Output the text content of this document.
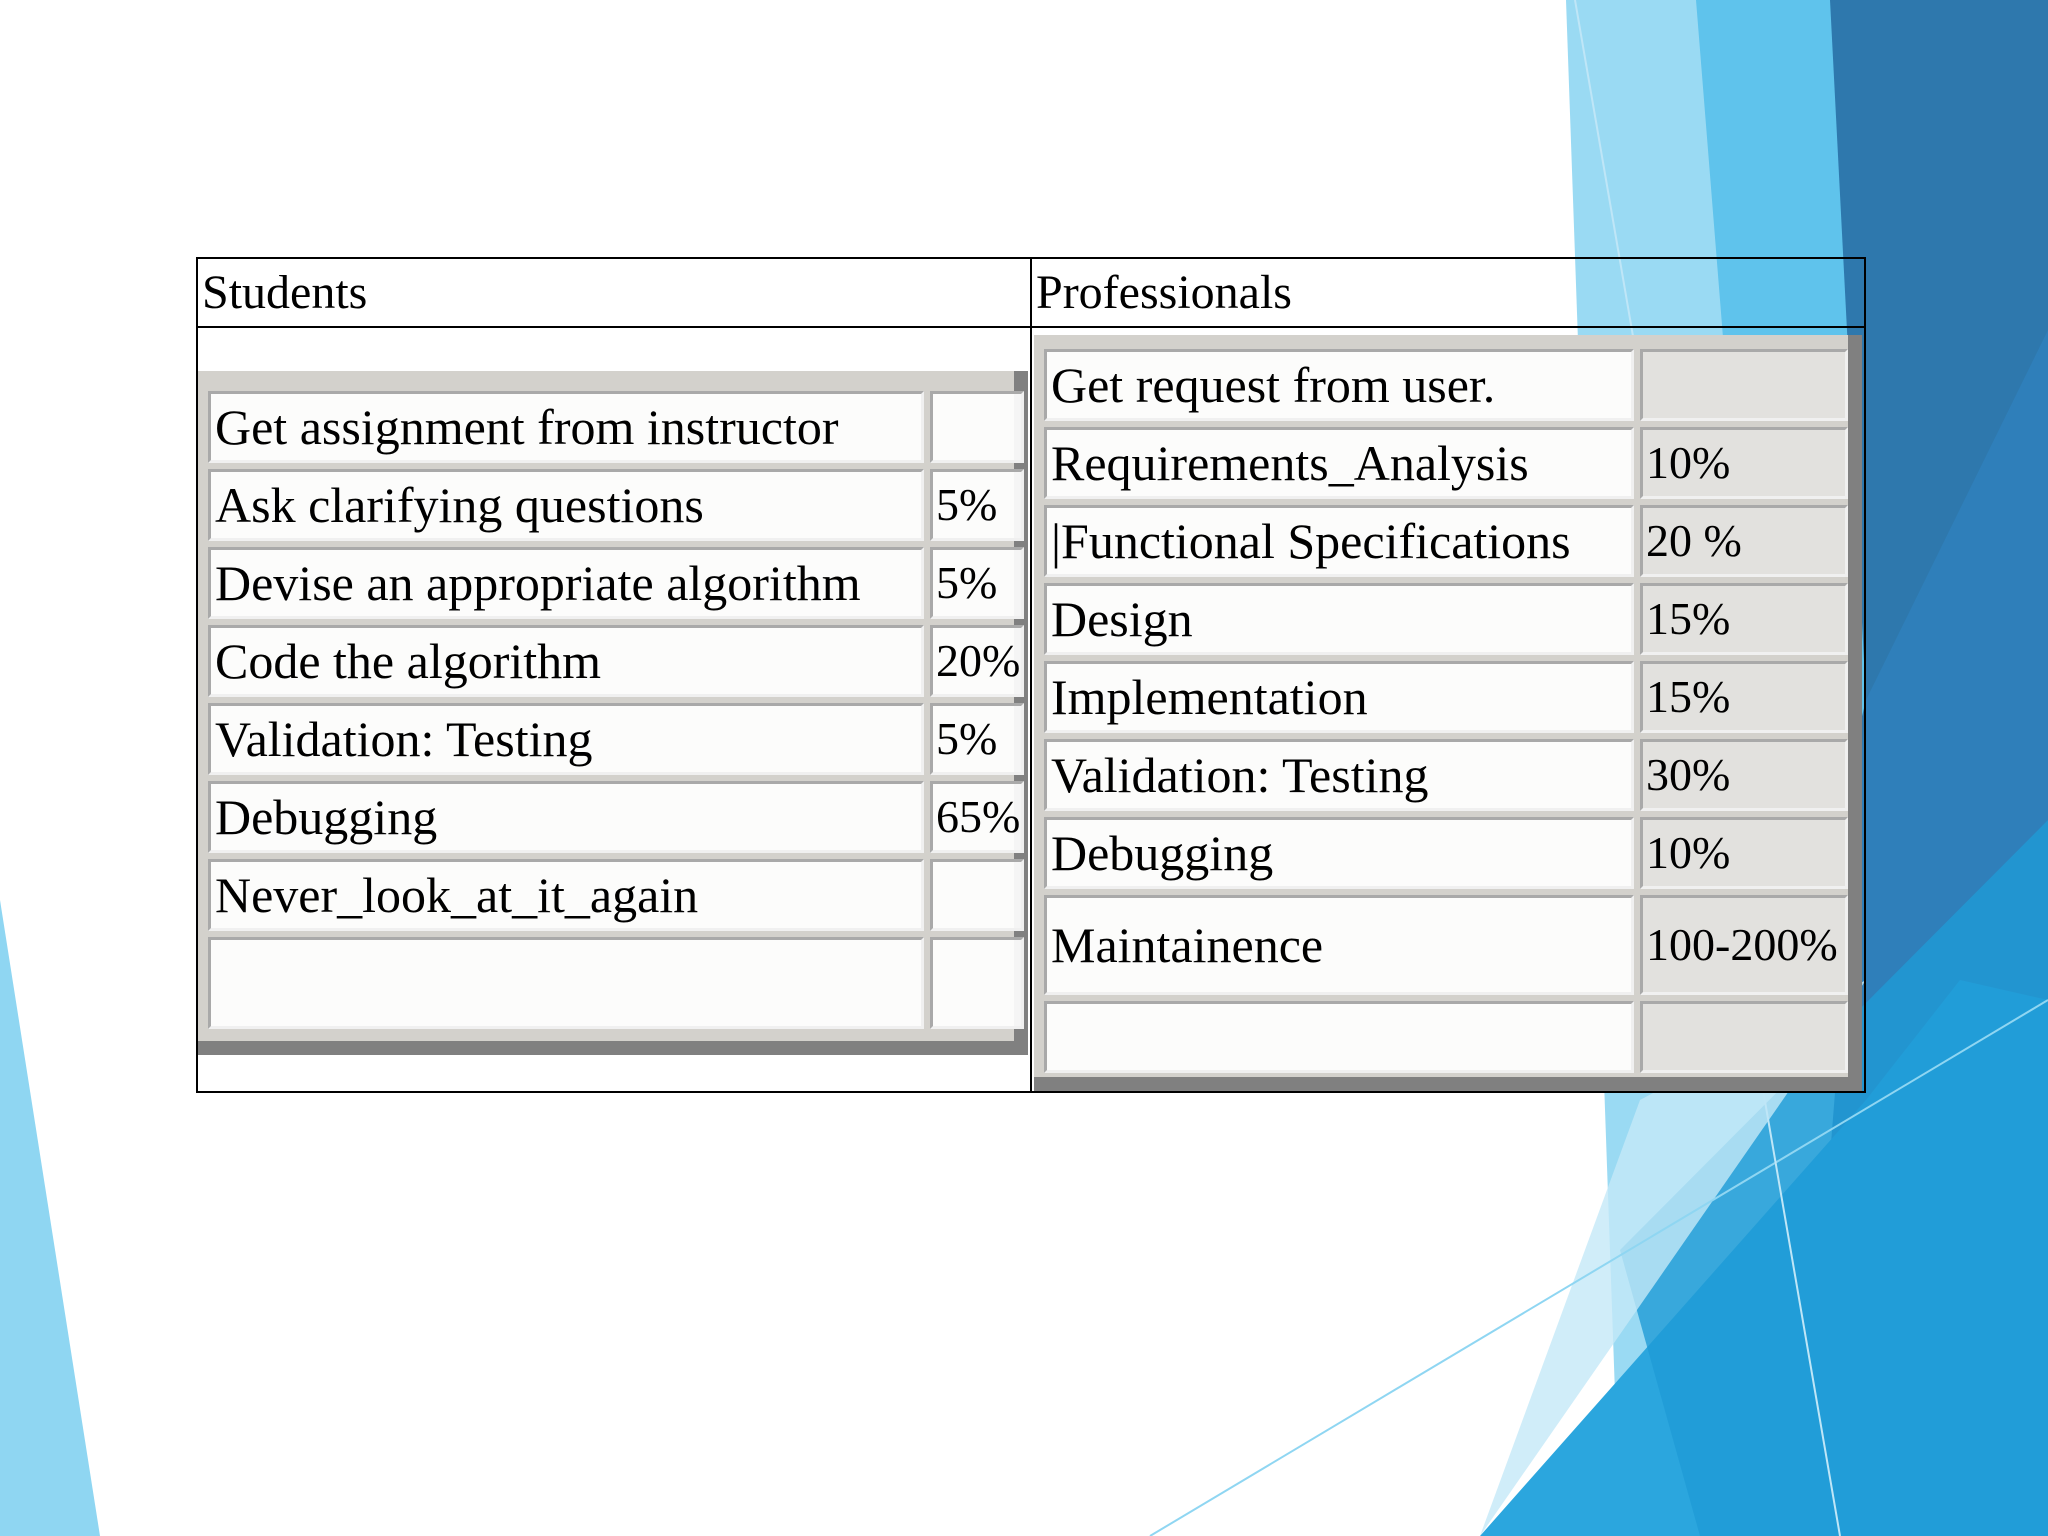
Students	Professionals
Get assignment from instructor
Ask clarifying questions	5%
Devise an appropriate algorithm	5%
Code the algorithm	20%
Validation: Testing	5%
Debugging	65%
Never_look_at_it_again
Get request from user.
Requirements_Analysis	10%
|Functional Specifications	20 %
Design	15%
Implementation	15%
Validation: Testing	30%
Debugging	10%
Maintainence	100-200%
